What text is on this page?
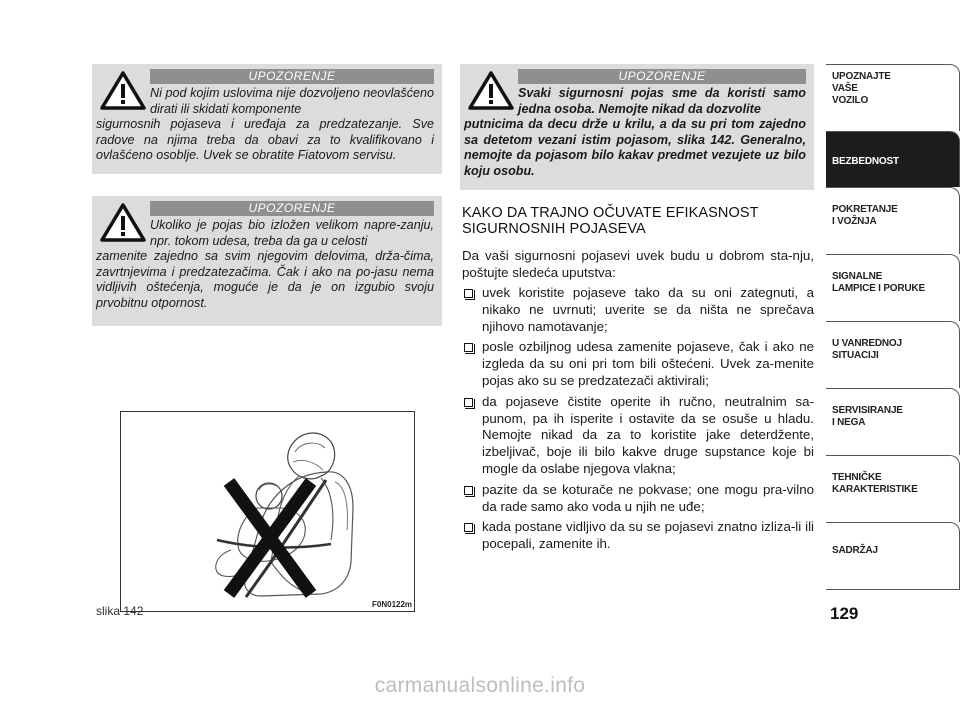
UPOZORENJE
Ni pod kojim uslovima nije dozvoljeno neovlašćeno dirati ili skidati komponente
sigurnosnih pojaseva i uređaja za predzatezanje. Sve radove na njima treba da obavi za to kvalifikovano i ovlašćeno osoblje. Uvek se obratite Fiatovom servisu.
UPOZORENJE
Ukoliko je pojas bio izložen velikom napre-zanju, npr. tokom udesa, treba da ga u celosti
zamenite zajedno sa svim njegovim delovima, drža-čima, zavrtnjevima i predzatezačima. Čak i ako na po-jasu nema vidljivih oštećenja, moguće je da je on izgubio svoju prvobitnu otpornost.
UPOZORENJE
Svaki sigurnosni pojas sme da koristi samo jedna osoba. Nemojte nikad da dozvolite
putnicima da decu drže u krilu, a da su pri tom zajedno sa detetom vezani istim pojasom, slika 142. Generalno, nemojte da pojasom bilo kakav predmet vezujete uz bilo koju osobu.
F0N0122m
slika 142
KAKO DA TRAJNO OČUVATE EFIKASNOST
SIGURNOSNIH POJASEVA

Da vaši sigurnosni pojasevi uvek budu u dobrom sta-nju, poštujte sledeća uputstva:

uvek koristite pojaseve tako da su oni zategnuti, a nikako ne uvrnuti; uverite se da ništa ne sprečava njihovo namotavanje;
posle ozbiljnog udesa zamenite pojaseve, čak i ako ne izgleda da su oni pri tom bili oštećeni. Uvek za-menite pojas ako su se predzatezači aktivirali;
da pojaseve čistite operite ih ručno, neutralnim sa-punom, pa ih isperite i ostavite da se osuše u hladu. Nemojte nikad da za to koristite jake deterdžente, izbeljivač, boje ili bilo kakve druge supstance koje bi mogle da oslabe njegova vlakna;
pazite da se koturače ne pokvase; one mogu pra-vilno da rade samo ako voda u njih ne uđe;
kada postane vidljivo da su se pojasevi znatno izliza-li ili pocepali, zamenite ih.
UPOZNAJTE
VAŠE
VOZILO
BEZBEDNOST
POKRETANJE
I VOŽNJA
SIGNALNE
LAMPICE I PORUKE
U VANREDNOJ
SITUACIJI
SERVISIRANJE
I NEGA
TEHNIČKE
KARAKTERISTIKE
SADRŽAJ
129
carmanualsonline.info
